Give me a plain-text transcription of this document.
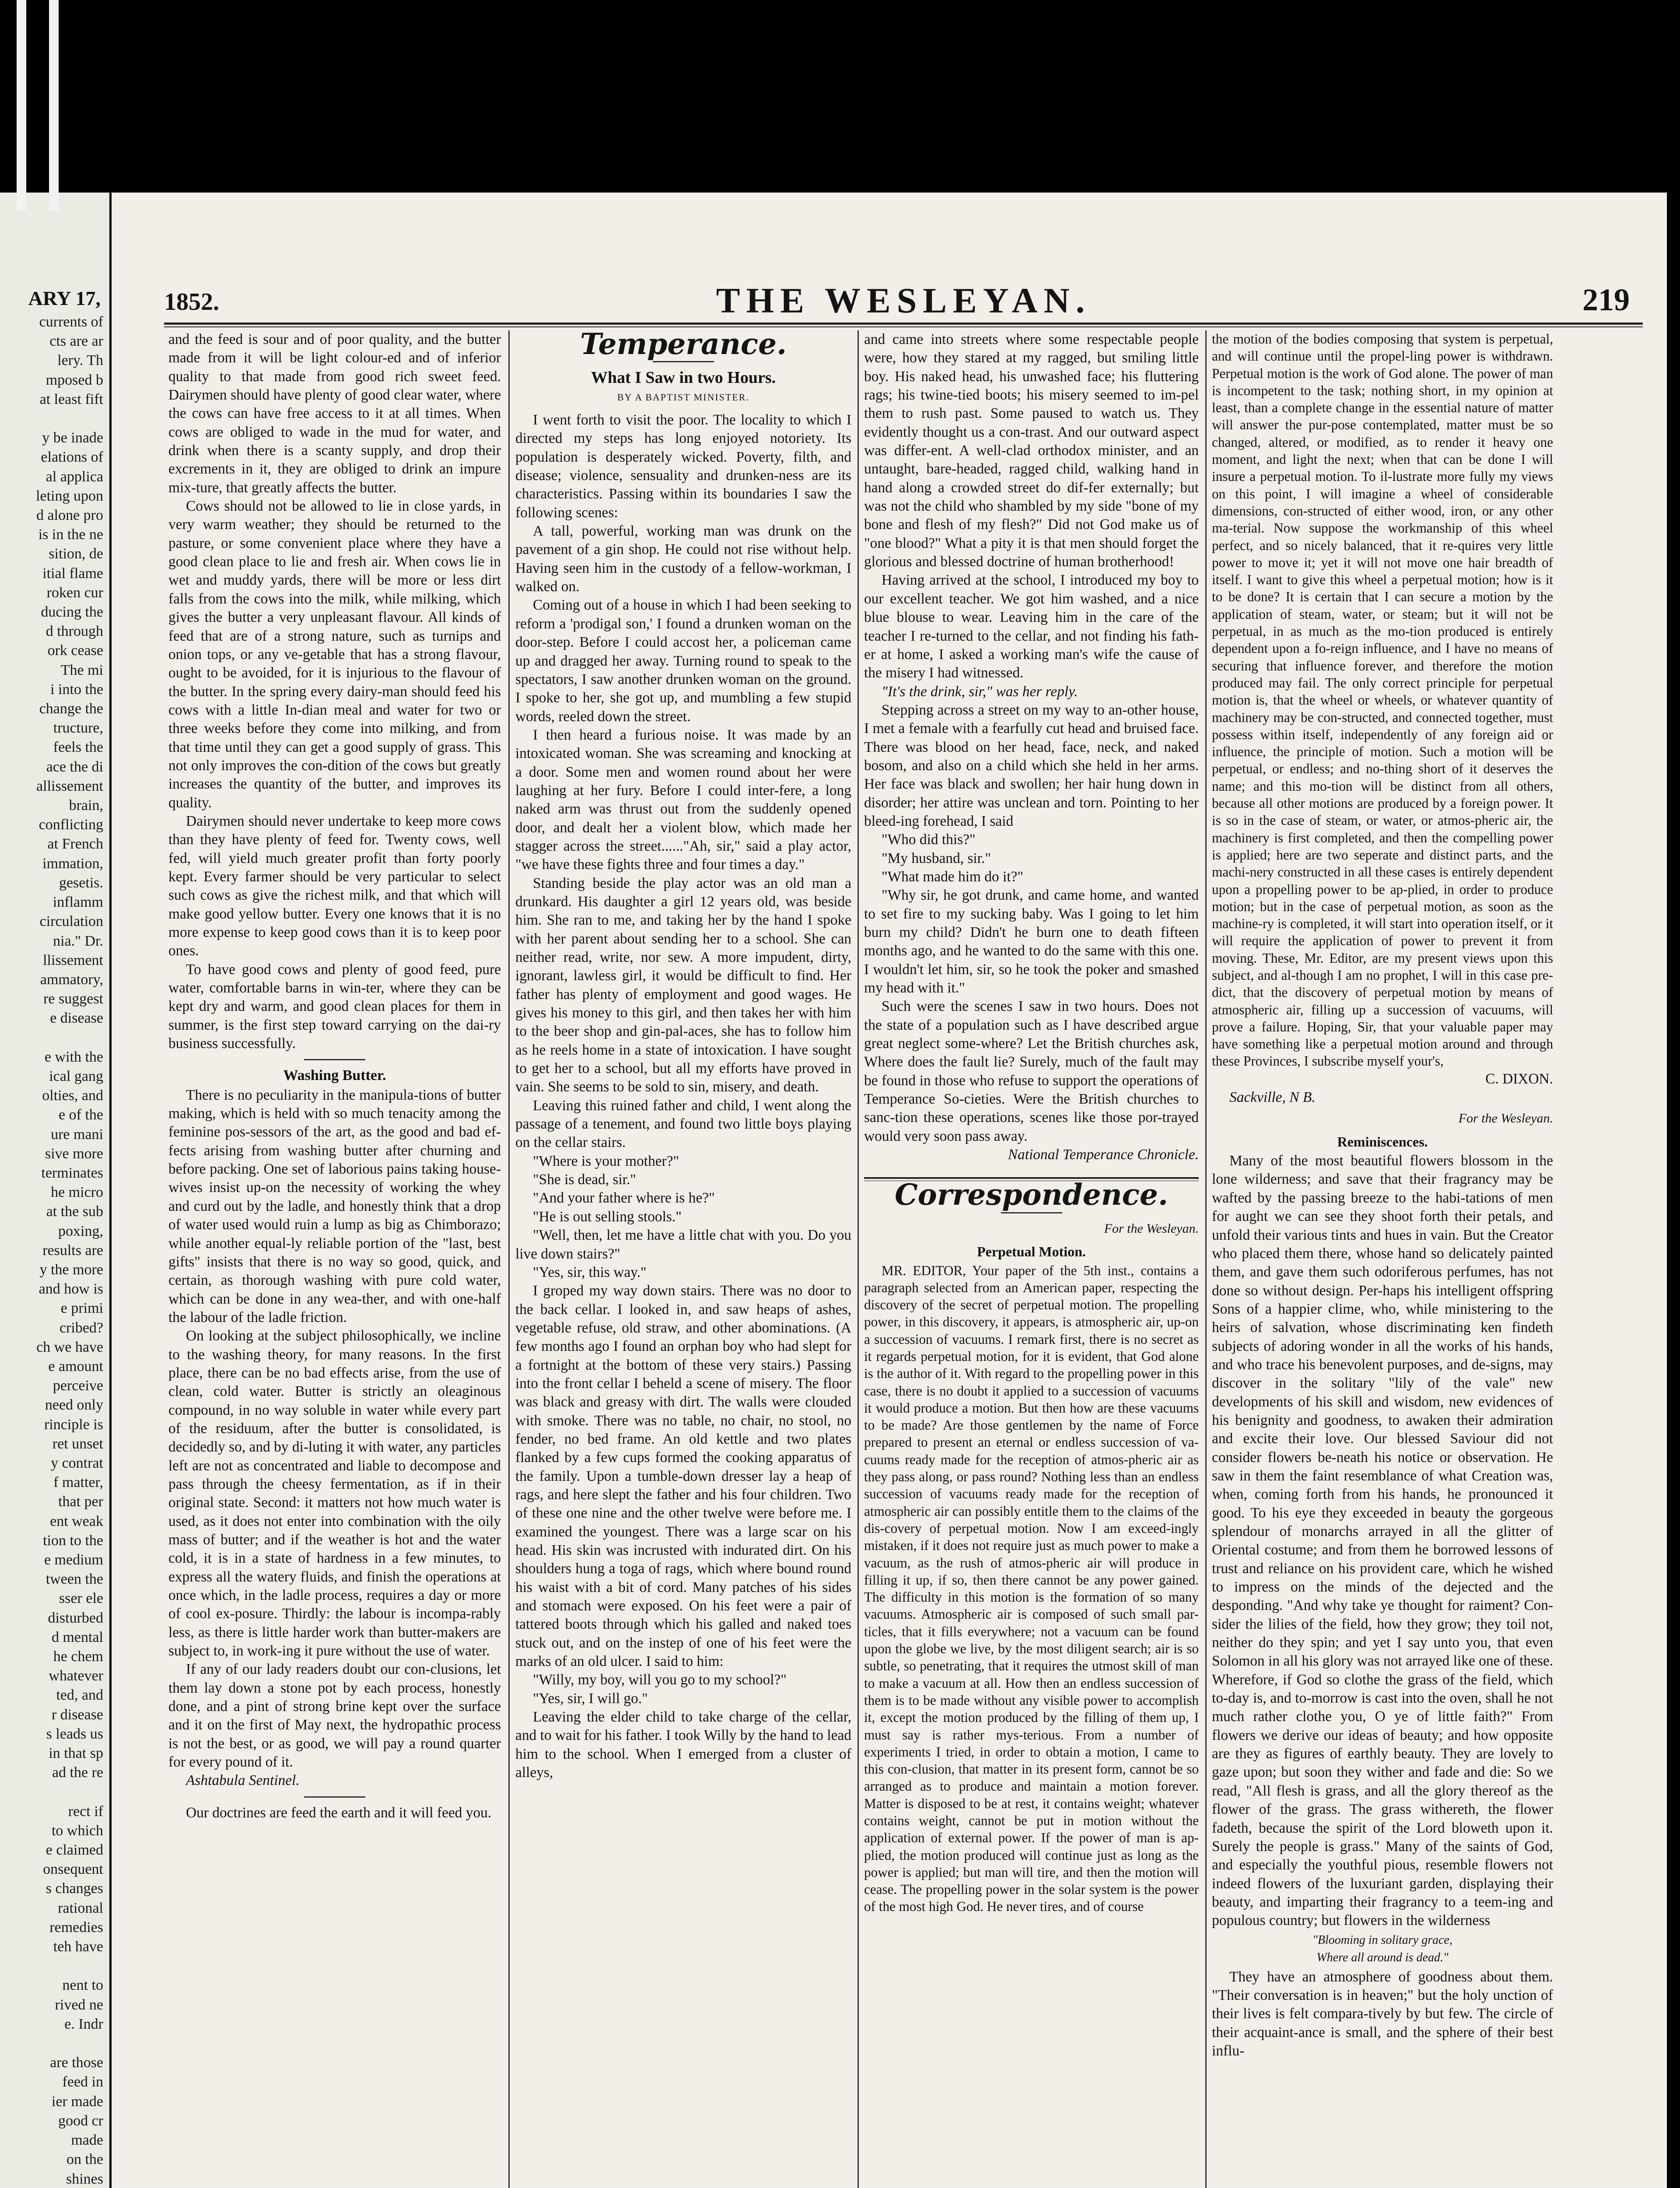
ARY 17,
currents of
cts are ar
lery. Th
mposed b
at least fift

y be inade
elations of
al applica
leting upon
d alone pro
is in the ne
sition, de
itial flame
roken cur
ducing the
d through
ork cease
The mi
i into the
change the
tructure,
feels the
ace the di
allissement
brain,
conflicting
at French
immation,
gesetis.
inflamm
circulation
nia." Dr.
llissement
ammatory,
re suggest
e disease

e with the
ical gang
olties, and
e of the
ure mani
sive more
terminates
he micro
at the sub
poxing,
results are
y the more
and how is
e primi
cribed?
ch we have
e amount
perceive
need only
rinciple is
ret unset
y contrat
f matter,
that per
ent weak
tion to the
e medium
tween the
sser ele
disturbed
d mental
he chem
whatever
ted, and
r disease
s leads us
in that sp
ad the re

rect if
to which
e claimed
onsequent
s changes
rational
remedies
teh have

nent to
rived ne
e. Indr

are those
feed in
ier made
good cr
made
on the
shines

1852.	THE WESLEYAN.	219

and the feed is sour and of poor quality, and the butter made from it will be light colour-ed and of inferior quality to that made from good rich sweet feed. Dairymen should have plenty of good clear water, where the cows can have free access to it at all times. When cows are obliged to wade in the mud for water, and drink when there is a scanty supply, and drop their excrements in it, they are obliged to drink an impure mix-ture, that greatly affects the butter.

Cows should not be allowed to lie in close yards, in very warm weather; they should be returned to the pasture, or some convenient place where they have a good clean place to lie and fresh air. When cows lie in wet and muddy yards, there will be more or less dirt falls from the cows into the milk, while milking, which gives the butter a very unpleasant flavour. All kinds of feed that are of a strong nature, such as turnips and onion tops, or any ve-getable that has a strong flavour, ought to be avoided, for it is injurious to the flavour of the butter. In the spring every dairy-man should feed his cows with a little In-dian meal and water for two or three weeks before they come into milking, and from that time until they can get a good supply of grass. This not only improves the con-dition of the cows but greatly increases the quantity of the butter, and improves its quality.

Dairymen should never undertake to keep more cows than they have plenty of feed for. Twenty cows, well fed, will yield much greater profit than forty poorly kept. Every farmer should be very particular to select such cows as give the richest milk, and that which will make good yellow butter. Every one knows that it is no more expense to keep good cows than it is to keep poor ones.

To have good cows and plenty of good feed, pure water, comfortable barns in win-ter, where they can be kept dry and warm, and good clean places for them in summer, is the first step toward carrying on the dai-ry business successfully.

Washing Butter.

There is no peculiarity in the manipula-tions of butter making, which is held with so much tenacity among the feminine pos-sessors of the art, as the good and bad ef-fects arising from washing butter after churning and before packing. One set of laborious pains taking house-wives insist up-on the necessity of working the whey and curd out by the ladle, and honestly think that a drop of water used would ruin a lump as big as Chimborazo; while another equal-ly reliable portion of the "last, best gifts" insists that there is no way so good, quick, and certain, as thorough washing with pure cold water, which can be done in any wea-ther, and with one-half the labour of the ladle friction.

On looking at the subject philosophically, we incline to the washing theory, for many reasons. In the first place, there can be no bad effects arise, from the use of clean, cold water. Butter is strictly an oleaginous compound, in no way soluble in water while every part of the residuum, after the butter is consolidated, is decidedly so, and by di-luting it with water, any particles left are not as concentrated and liable to decompose and pass through the cheesy fermentation, as if in their original state. Second: it matters not how much water is used, as it does not enter into combination with the oily mass of butter; and if the weather is hot and the water cold, it is in a state of hardness in a few minutes, to express all the watery fluids, and finish the operations at once which, in the ladle process, requires a day or more of cool ex-posure. Thirdly: the labour is incompa-rably less, as there is little harder work than butter-makers are subject to, in work-ing it pure without the use of water.

If any of our lady readers doubt our con-clusions, let them lay down a stone pot by each process, honestly done, and a pint of strong brine kept over the surface and it on the first of May next, the hydropathic process is not the best, or as good, we will pay a round quarter for every pound of it.

Ashtabula Sentinel.

Our doctrines are feed the earth and it will feed you.

Temperance.
What I Saw in two Hours.
BY A BAPTIST MINISTER.

I went forth to visit the poor. The locality to which I directed my steps has long enjoyed notoriety. Its population is desperately wicked. Poverty, filth, and disease; violence, sensuality and drunken-ness are its characteristics. Passing within its boundaries I saw the following scenes:

A tall, powerful, working man was drunk on the pavement of a gin shop. He could not rise without help. Having seen him in the custody of a fellow-workman, I walked on.

Coming out of a house in which I had been seeking to reform a 'prodigal son,' I found a drunken woman on the door-step. Before I could accost her, a policeman came up and dragged her away. Turning round to speak to the spectators, I saw another drunken woman on the ground. I spoke to her, she got up, and mumbling a few stupid words, reeled down the street.

I then heard a furious noise. It was made by an intoxicated woman. She was screaming and knocking at a door. Some men and women round about her were laughing at her fury. Before I could inter-fere, a long naked arm was thrust out from the suddenly opened door, and dealt her a violent blow, which made her stagger across the street......"Ah, sir," said a play actor, "we have these fights three and four times a day."

Standing beside the play actor was an old man a drunkard. His daughter a girl 12 years old, was beside him. She ran to me, and taking her by the hand I spoke with her parent about sending her to a school. She can neither read, write, nor sew. A more impudent, dirty, ignorant, lawless girl, it would be difficult to find. Her father has plenty of employment and good wages. He gives his money to this girl, and then takes her with him to the beer shop and gin-pal-aces, she has to follow him as he reels home in a state of intoxication. I have sought to get her to a school, but all my efforts have proved in vain. She seems to be sold to sin, misery, and death.

Leaving this ruined father and child, I went along the passage of a tenement, and found two little boys playing on the cellar stairs.

"Where is your mother?"

"She is dead, sir."

"And your father where is he?"

"He is out selling stools."

"Well, then, let me have a little chat with you. Do you live down stairs?"

"Yes, sir, this way."

I groped my way down stairs. There was no door to the back cellar. I looked in, and saw heaps of ashes, vegetable refuse, old straw, and other abominations. (A few months ago I found an orphan boy who had slept for a fortnight at the bottom of these very stairs.) Passing into the front cellar I beheld a scene of misery. The floor was black and greasy with dirt. The walls were clouded with smoke. There was no table, no chair, no stool, no fender, no bed frame. An old kettle and two plates flanked by a few cups formed the cooking apparatus of the family. Upon a tumble-down dresser lay a heap of rags, and here slept the father and his four children. Two of these one nine and the other twelve were before me. I examined the youngest. There was a large scar on his head. His skin was incrusted with indurated dirt. On his shoulders hung a toga of rags, which where bound round his waist with a bit of cord. Many patches of his sides and stomach were exposed. On his feet were a pair of tattered boots through which his galled and naked toes stuck out, and on the instep of one of his feet were the marks of an old ulcer. I said to him:

"Willy, my boy, will you go to my school?"

"Yes, sir, I will go."

Leaving the elder child to take charge of the cellar, and to wait for his father. I took Willy by the hand to lead him to the school. When I emerged from a cluster of alleys,

and came into streets where some respectable people were, how they stared at my ragged, but smiling little boy. His naked head, his unwashed face; his fluttering rags; his twine-tied boots; his misery seemed to im-pel them to rush past. Some paused to watch us. They evidently thought us a con-trast. And our outward aspect was differ-ent. A well-clad orthodox minister, and an untaught, bare-headed, ragged child, walking hand in hand along a crowded street do dif-fer externally; but was not the child who shambled by my side "bone of my bone and flesh of my flesh?" Did not God make us of "one blood?" What a pity it is that men should forget the glorious and blessed doctrine of human brotherhood!

Having arrived at the school, I introduced my boy to our excellent teacher. We got him washed, and a nice blue blouse to wear. Leaving him in the care of the teacher I re-turned to the cellar, and not finding his fath-er at home, I asked a working man's wife the cause of the misery I had witnessed.

"It's the drink, sir," was her reply.

Stepping across a street on my way to an-other house, I met a female with a fearfully cut head and bruised face. There was blood on her head, face, neck, and naked bosom, and also on a child which she held in her arms. Her face was black and swollen; her hair hung down in disorder; her attire was unclean and torn. Pointing to her bleed-ing forehead, I said

"Who did this?"

"My husband, sir."

"What made him do it?"

"Why sir, he got drunk, and came home, and wanted to set fire to my sucking baby. Was I going to let him burn my child? Didn't he burn one to death fifteen months ago, and he wanted to do the same with this one. I wouldn't let him, sir, so he took the poker and smashed my head with it."

Such were the scenes I saw in two hours. Does not the state of a population such as I have described argue great neglect some-where? Let the British churches ask, Where does the fault lie? Surely, much of the fault may be found in those who refuse to support the operations of Temperance So-cieties. Were the British churches to sanc-tion these operations, scenes like those por-trayed would very soon pass away.

National Temperance Chronicle.

Correspondence.
For the Wesleyan.
Perpetual Motion.

MR. EDITOR, Your paper of the 5th inst., contains a paragraph selected from an American paper, respecting the discovery of the secret of perpetual motion. The propelling power, in this discovery, it appears, is atmospheric air, up-on a succession of vacuums. I remark first, there is no secret as it regards perpetual motion, for it is evident, that God alone is the author of it. With regard to the propelling power in this case, there is no doubt it applied to a succession of vacuums it would produce a motion. But then how are these vacuums to be made? Are those gentlemen by the name of Force prepared to present an eternal or endless succession of va-cuums ready made for the reception of atmos-pheric air as they pass along, or pass round? Nothing less than an endless succession of vacuums ready made for the reception of atmospheric air can possibly entitle them to the claims of the dis-covery of perpetual motion. Now I am exceed-ingly mistaken, if it does not require just as much power to make a vacuum, as the rush of atmos-pheric air will produce in filling it up, if so, then there cannot be any power gained. The difficulty in this motion is the formation of so many vacuums. Atmospheric air is composed of such small par-ticles, that it fills everywhere; not a vacuum can be found upon the globe we live, by the most diligent search; air is so subtle, so penetrating, that it requires the utmost skill of man to make a vacuum at all. How then an endless succession of them is to be made without any visible power to accomplish it, except the motion produced by the filling of them up, I must say is rather mys-terious. From a number of experiments I tried, in order to obtain a motion, I came to this con-clusion, that matter in its present form, cannot be so arranged as to produce and maintain a motion forever. Matter is disposed to be at rest, it contains weight; whatever contains weight, cannot be put in motion without the application of external power. If the power of man is ap-plied, the motion produced will continue just as long as the power is applied; but man will tire, and then the motion will cease. The propelling power in the solar system is the power of the most high God. He never tires, and of course

the motion of the bodies composing that system is perpetual, and will continue until the propel-ling power is withdrawn. Perpetual motion is the work of God alone. The power of man is incompetent to the task; nothing short, in my opinion at least, than a complete change in the essential nature of matter will answer the pur-pose contemplated, matter must be so changed, altered, or modified, as to render it heavy one moment, and light the next; when that can be done I will insure a perpetual motion. To il-lustrate more fully my views on this point, I will imagine a wheel of considerable dimensions, con-structed of either wood, iron, or any other ma-terial. Now suppose the workmanship of this wheel perfect, and so nicely balanced, that it re-quires very little power to move it; yet it will not move one hair breadth of itself. I want to give this wheel a perpetual motion; how is it to be done? It is certain that I can secure a motion by the application of steam, water, or steam; but it will not be perpetual, in as much as the mo-tion produced is entirely dependent upon a fo-reign influence, and I have no means of securing that influence forever, and therefore the motion produced may fail. The only correct principle for perpetual motion is, that the wheel or wheels, or whatever quantity of machinery may be con-structed, and connected together, must possess within itself, independently of any foreign aid or influence, the principle of motion. Such a motion will be perpetual, or endless; and no-thing short of it deserves the name; and this mo-tion will be distinct from all others, because all other motions are produced by a foreign power. It is so in the case of steam, or water, or atmos-pheric air, the machinery is first completed, and then the compelling power is applied; here are two seperate and distinct parts, and the machi-nery constructed in all these cases is entirely dependent upon a propelling power to be ap-plied, in order to produce motion; but in the case of perpetual motion, as soon as the machine-ry is completed, it will start into operation itself, or it will require the application of power to prevent it from moving. These, Mr. Editor, are my present views upon this subject, and al-though I am no prophet, I will in this case pre-dict, that the discovery of perpetual motion by means of atmospheric air, filling up a succession of vacuums, will prove a failure. Hoping, Sir, that your valuable paper may have something like a perpetual motion around and through these Provinces, I subscribe myself your's,

C. DIXON.

Sackville, N B.

For the Wesleyan.
Reminiscences.

Many of the most beautiful flowers blossom in the lone wilderness; and save that their fragrancy may be wafted by the passing breeze to the habi-tations of men for aught we can see they shoot forth their petals, and unfold their various tints and hues in vain. But the Creator who placed them there, whose hand so delicately painted them, and gave them such odoriferous perfumes, has not done so without design. Per-haps his intelligent offspring Sons of a happier clime, who, while ministering to the heirs of salvation, whose discriminating ken findeth subjects of adoring wonder in all the works of his hands, and who trace his benevolent purposes, and de-signs, may discover in the solitary "lily of the vale" new developments of his skill and wisdom, new evidences of his benignity and goodness, to awaken their admiration and excite their love. Our blessed Saviour did not consider flowers be-neath his notice or observation. He saw in them the faint resemblance of what Creation was, when, coming forth from his hands, he pronounced it good. To his eye they exceeded in beauty the gorgeous splendour of monarchs arrayed in all the glitter of Oriental costume; and from them he borrowed lessons of trust and reliance on his provident care, which he wished to impress on the minds of the dejected and the desponding. "And why take ye thought for raiment? Con-sider the lilies of the field, how they grow; they toil not, neither do they spin; and yet I say unto you, that even Solomon in all his glory was not arrayed like one of these. Wherefore, if God so clothe the grass of the field, which to-day is, and to-morrow is cast into the oven, shall he not much rather clothe you, O ye of little faith?" From flowers we derive our ideas of beauty; and how opposite are they as figures of earthly beauty. They are lovely to gaze upon; but soon they wither and fade and die: So we read, "All flesh is grass, and all the glory thereof as the flower of the grass. The grass withereth, the flower fadeth, because the spirit of the Lord bloweth upon it. Surely the people is grass." Many of the saints of God, and especially the youthful pious, resemble flowers not indeed flowers of the luxuriant garden, displaying their beauty, and imparting their fragrancy to a teem-ing and populous country; but flowers in the wilderness

"Blooming in solitary grace,
Where all around is dead."

They have an atmosphere of goodness about them. "Their conversation is in heaven;" but the holy unction of their lives is felt compara-tively by but few. The circle of their acquaint-ance is small, and the sphere of their best influ-
